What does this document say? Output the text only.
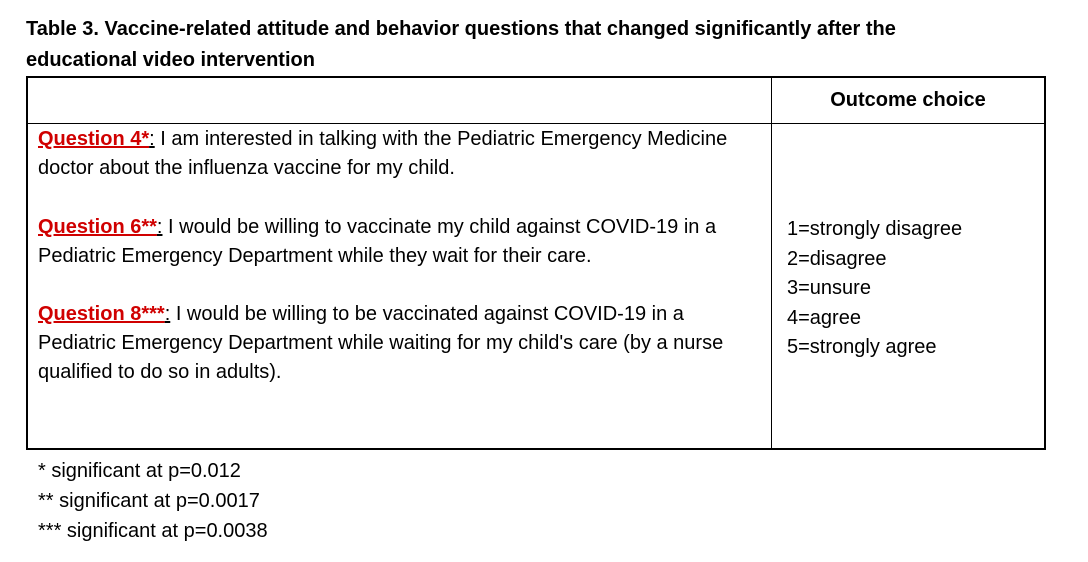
Table 3. Vaccine-related attitude and behavior questions that changed significantly after the
educational video intervention
Outcome choice
Question 4*: I am interested in talking with the Pediatric Emergency Medicine doctor about the influenza vaccine for my child.
Question 6**: I would be willing to vaccinate my child against COVID-19 in a Pediatric Emergency Department while they wait for their care.
Question 8***: I would be willing to be vaccinated against COVID-19 in a Pediatric Emergency Department while waiting for my child's care (by a nurse qualified to do so in adults).
1=strongly disagree
2=disagree
3=unsure
4=agree
5=strongly agree
* significant at p=0.012
** significant at p=0.0017
*** significant at p=0.0038
